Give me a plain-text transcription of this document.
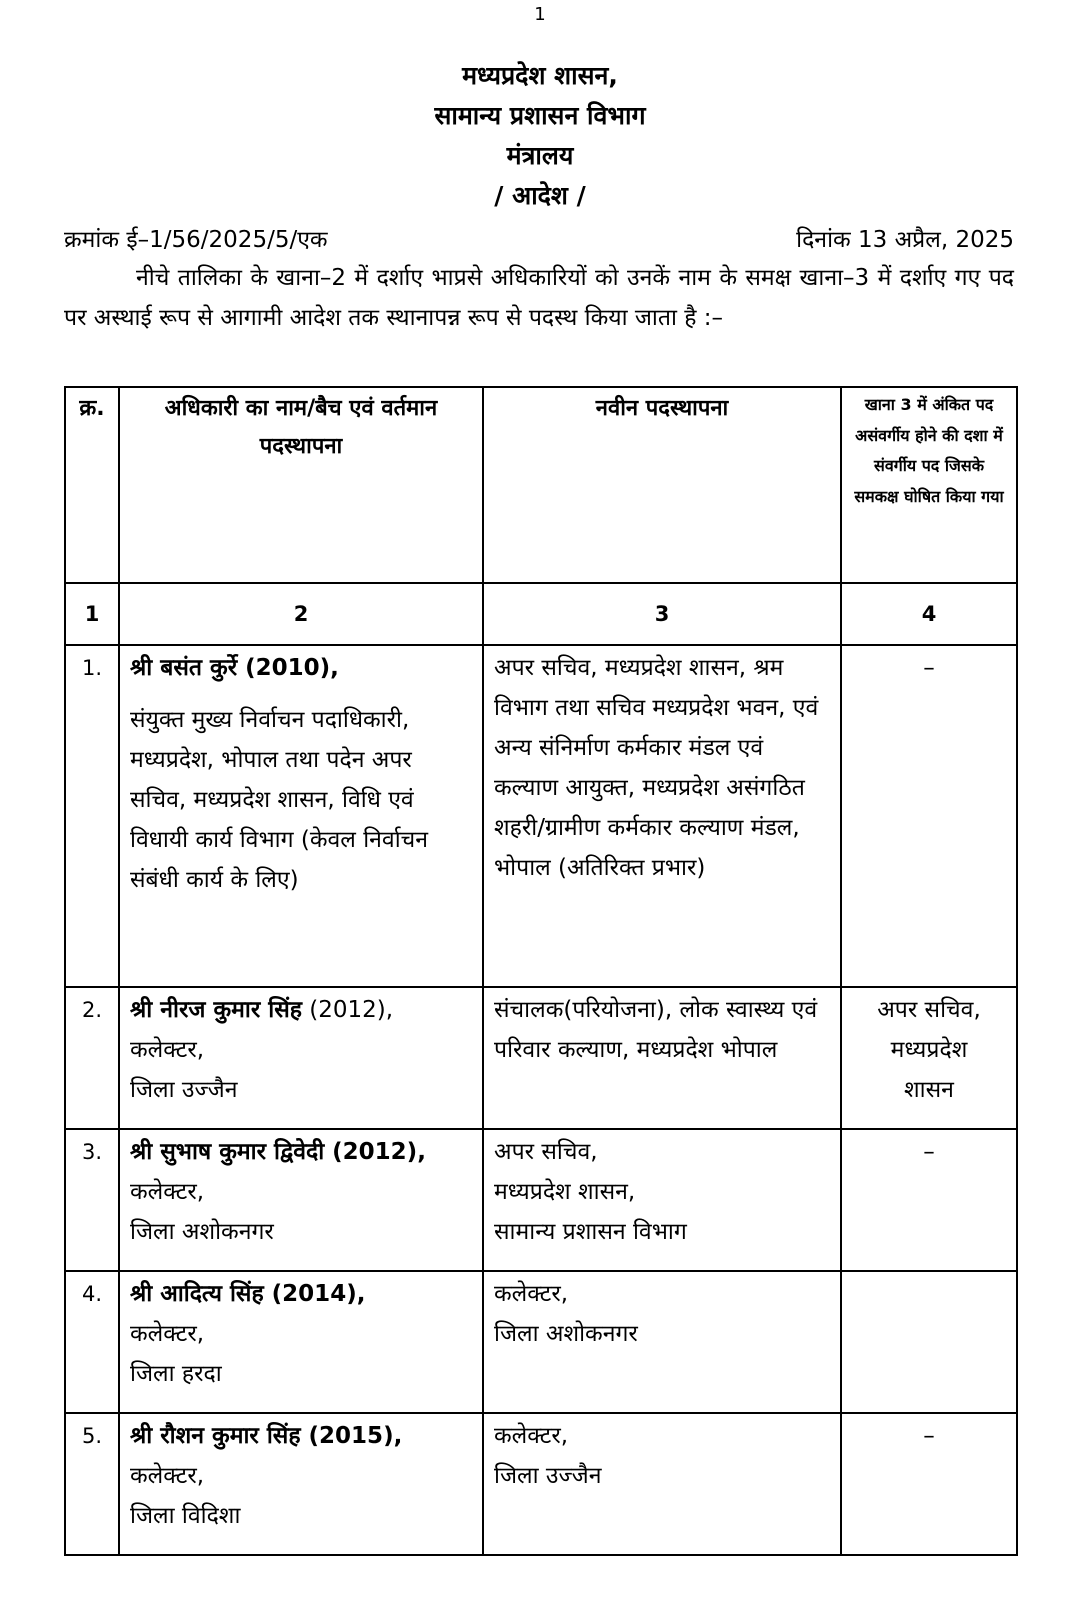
1
मध्यप्रदेश शासन,
सामान्य प्रशासन विभाग
मंत्रालय
/ आदेश /
क्रमांक ई–1/56/2025/5/एक	दिनांक 13 अप्रैल, 2025
नीचे तालिका के खाना–2 में दर्शाए भाप्रसे अधिकारियों को उनकें नाम के समक्ष खाना–3 में दर्शाए गए पद पर अस्थाई रूप से आगामी आदेश तक स्थानापन्न रूप से पदस्थ किया जाता है :–
क्र.	अधिकारी का नाम/बैच एवं वर्तमान पदस्थापना	नवीन पदस्थापना	खाना 3 में अंकित पद असंवर्गीय होने की दशा में संवर्गीय पद जिसके समकक्ष घोषित किया गया
1	2	3	4
1.	श्री बसंत कुर्रे (2010),
संयुक्त मुख्य निर्वाचन पदाधिकारी, मध्यप्रदेश, भोपाल तथा पदेन अपर सचिव, मध्यप्रदेश शासन, विधि एवं विधायी कार्य विभाग (केवल निर्वाचन संबंधी कार्य के लिए)	अपर सचिव, मध्यप्रदेश शासन, श्रम विभाग तथा सचिव मध्यप्रदेश भवन, एवं अन्य संनिर्माण कर्मकार मंडल एवं कल्याण आयुक्त, मध्यप्रदेश असंगठित शहरी/ग्रामीण कर्मकार कल्याण मंडल, भोपाल (अतिरिक्त प्रभार)	–
2.	श्री नीरज कुमार सिंह (2012),
कलेक्टर,
जिला उज्जैन	संचालक(परियोजना), लोक स्वास्थ्य एवं परिवार कल्याण, मध्यप्रदेश भोपाल	अपर सचिव,
मध्यप्रदेश
शासन
3.	श्री सुभाष कुमार द्विवेदी (2012),
कलेक्टर,
जिला अशोकनगर	अपर सचिव,
मध्यप्रदेश शासन,
सामान्य प्रशासन विभाग	–
4.	श्री आदित्य सिंह (2014),
कलेक्टर,
जिला हरदा	कलेक्टर,
जिला अशोकनगर	
5.	श्री रौशन कुमार सिंह (2015),
कलेक्टर,
जिला विदिशा	कलेक्टर,
जिला उज्जैन	–
